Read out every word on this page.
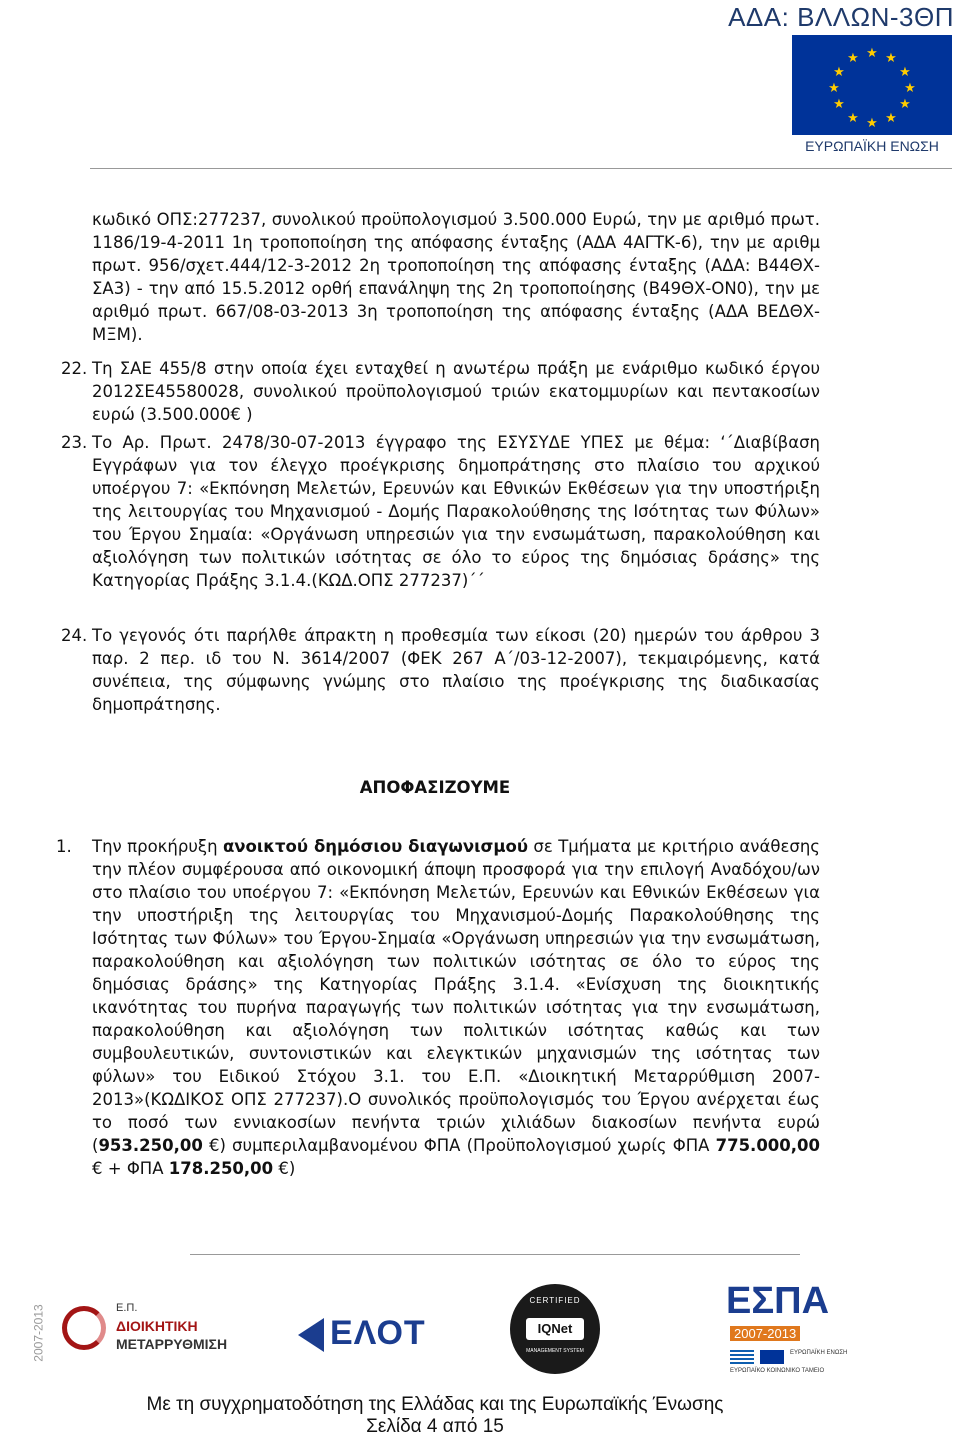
ΑΔΑ: ΒΛΛΩΝ-3ΘΠ
★ ★
★
★
★
★
★
★
★
★
★
★
ΕΥΡΩΠΑΪΚΗ ΕΝΩΣΗ

κωδικό ΟΠΣ:277237, συνολικού προϋπολογισμού 3.500.000 Ευρώ, την με αριθμό πρωτ. 1186/19-4-2011 1η τροποποίηση της απόφασης ένταξης (ΑΔΑ 4ΑΓΤΚ-6), την με αριθμ πρωτ. 956/σχετ.444/12-3-2012 2η τροποποίηση της απόφασης ένταξης (ΑΔΑ: Β44ΘΧ-ΣΑ3) - την από 15.5.2012 ορθή επανάληψη της 2η τροποποίησης (Β49ΘΧ-ΟΝ0), την με αριθμό πρωτ. 667/08-03-2013 3η τροποποίηση της απόφασης ένταξης (ΑΔΑ ΒΕΔΘΧ-ΜΞΜ).

22. Τη ΣΑΕ 455/8 στην οποία έχει ενταχθεί η ανωτέρω πράξη με ενάριθμο κωδικό έργου 2012ΣΕ45580028, συνολικού προϋπολογισμού τριών εκατομμυρίων και πεντακοσίων ευρώ (3.500.000€ )

23. Το Αρ. Πρωτ. 2478/30-07-2013 έγγραφο της ΕΣΥΣΥΔΕ ΥΠΕΣ με θέμα: ‘΄Διαβίβαση Εγγράφων για τον έλεγχο προέγκρισης δημοπράτησης στο πλαίσιο του αρχικού υποέργου 7: «Εκπόνηση Μελετών, Ερευνών και Εθνικών Εκθέσεων για την υποστήριξη της λειτουργίας του Μηχανισμού - Δομής Παρακολούθησης της Ισότητας των Φύλων» του Έργου Σημαία: «Οργάνωση υπηρεσιών για την ενσωμάτωση, παρακολούθηση και αξιολόγηση των πολιτικών ισότητας σε όλο το εύρος της δημόσιας δράσης» της Κατηγορίας Πράξης 3.1.4.(ΚΩΔ.ΟΠΣ 277237)΄΄

24. Το γεγονός ότι παρήλθε άπρακτη η προθεσμία των είκοσι (20) ημερών του άρθρου 3 παρ. 2 περ. ιδ του Ν. 3614/2007 (ΦΕΚ 267 Α΄/03-12-2007), τεκμαιρόμενης, κατά συνέπεια, της σύμφωνης γνώμης στο πλαίσιο της προέγκρισης της διαδικασίας δημοπράτησης.

ΑΠΟΦΑΣΙΖΟΥΜΕ
1. Την προκήρυξη ανοικτού δημόσιου διαγωνισμού σε Τμήματα με κριτήριο ανάθεσης την πλέον συμφέρουσα από οικονομική άποψη προσφορά για την επιλογή Αναδόχου/ων στο πλαίσιο του υποέργου 7: «Εκπόνηση Μελετών, Ερευνών και Εθνικών Εκθέσεων για την υποστήριξη της λειτουργίας του Μηχανισμού-Δομής Παρακολούθησης της Ισότητας των Φύλων» του Έργου-Σημαία «Οργάνωση υπηρεσιών για την ενσωμάτωση, παρακολούθηση και αξιολόγηση των πολιτικών ισότητας σε όλο το εύρος της δημόσιας δράσης» της Κατηγορίας Πράξης 3.1.4. «Ενίσχυση της διοικητικής ικανότητας του πυρήνα παραγωγής των πολιτικών ισότητας για την ενσωμάτωση, παρακολούθηση και αξιολόγηση των πολιτικών ισότητας καθώς και των συμβουλευτικών, συντονιστικών και ελεγκτικών μηχανισμών της ισότητας των φύλων» του Ειδικού Στόχου 3.1. του Ε.Π. «Διοικητική Μεταρρύθμιση 2007-2013»(ΚΩΔΙΚΟΣ ΟΠΣ 277237).Ο συνολικός προϋπολογισμός του Έργου ανέρχεται έως το ποσό των εννιακοσίων πενήντα τριών χιλιάδων διακοσίων πενήντα ευρώ (953.250,00 €) συμπεριλαμβανομένου ΦΠΑ (Προϋπολογισμού χωρίς ΦΠΑ 775.000,00 € + ΦΠΑ 178.250,00 €)

2007-2013	Ε.Π.
ΔΙΟΙΚΗΤΙΚΗ
ΜΕΤΑΡΡΥΘΜΙΣΗ	ΕΛΟΤ
CERTIFIED
IQNet
MANAGEMENT SYSTEM
ΕΣΠΑ
2007-2013
ΕΥΡΩΠΑΪΚΗ ΕΝΩΣΗ
ΕΥΡΩΠΑΪΚΟ ΚΟΙΝΩΝΙΚΟ ΤΑΜΕΙΟ
Με τη συγχρηματοδότηση της Ελλάδας και της Ευρωπαϊκής Ένωσης
Σελίδα 4 από 15
